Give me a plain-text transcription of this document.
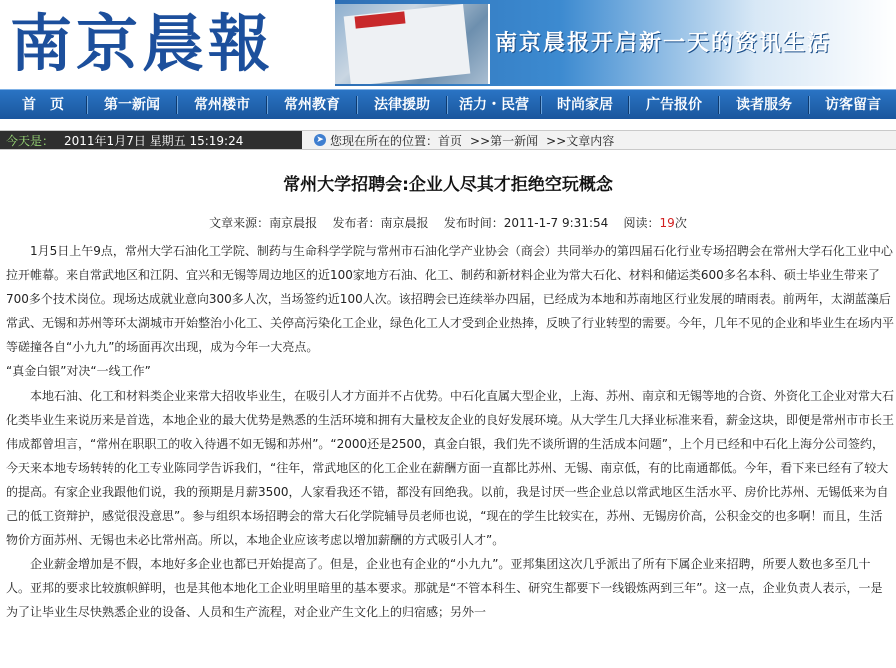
南京晨報	南京晨报开启新一天的资讯生活
首　页	第一新闻	常州楼市	常州教育	法律援助	活力・民营	时尚家居	广告报价	读者服务	访客留言
今天是： 2011年1月7日 星期五 15:19:24	➤ 您现在所在的位置： 首页 >>第一新闻 >>文章内容
常州大学招聘会:企业人尽其才拒绝空玩概念
文章来源：南京晨报 发布者：南京晨报 发布时间：2011-1-7 9:31:54 阅读：19次

1月5日上午9点，常州大学石油化工学院、制药与生命科学学院与常州市石油化学产业协会（商会）共同举办的第四届石化行业专场招聘会在常州大学石化工业中心拉开帷幕。来自常武地区和江阴、宜兴和无锡等周边地区的近100家地方石油、化工、制药和新材料企业为常大石化、材料和储运类600多名本科、硕士毕业生带来了700多个技术岗位。现场达成就业意向300多人次，当场签约近100人次。该招聘会已连续举办四届，已经成为本地和苏南地区行业发展的晴雨表。前两年，太湖蓝藻后常武、无锡和苏州等环太湖城市开始整治小化工、关停高污染化工企业，绿色化工人才受到企业热捧，反映了行业转型的需要。今年，几年不见的企业和毕业生在场内平等磋撞各自“小九九”的场面再次出现，成为今年一大亮点。

“真金白银”对决“一线工作”

本地石油、化工和材料类企业来常大招收毕业生，在吸引人才方面并不占优势。中石化直属大型企业，上海、苏州、南京和无锡等地的合资、外资化工企业对常大石化类毕业生来说历来是首选，本地企业的最大优势是熟悉的生活环境和拥有大量校友企业的良好发展环境。从大学生几大择业标准来看，薪金这块，即便是常州市市长王伟成都曾坦言，“常州在职职工的收入待遇不如无锡和苏州”。“2000还是2500，真金白银，我们先不谈所谓的生活成本问题”，上个月已经和中石化上海分公司签约，今天来本地专场转转的化工专业陈同学告诉我们，“往年，常武地区的化工企业在薪酬方面一直都比苏州、无锡、南京低，有的比南通都低。今年，看下来已经有了较大的提高。有家企业我跟他们说，我的预期是月薪3500，人家看我还不错，都没有回绝我。以前，我是讨厌一些企业总以常武地区生活水平、房价比苏州、无锡低来为自己的低工资辩护，感觉很没意思”。参与组织本场招聘会的常大石化学院辅导员老师也说，“现在的学生比较实在，苏州、无锡房价高，公积金交的也多啊！而且，生活物价方面苏州、无锡也未必比常州高。所以，本地企业应该考虑以增加薪酬的方式吸引人才”。

企业薪金增加是不假，本地好多企业也都已开始提高了。但是，企业也有企业的“小九九”。亚邦集团这次几乎派出了所有下属企业来招聘，所要人数也多至几十人。亚邦的要求比较旗帜鲜明，也是其他本地化工企业明里暗里的基本要求。那就是“不管本科生、研究生都要下一线锻炼两到三年”。这一点，企业负责人表示，一是为了让毕业生尽快熟悉企业的设备、人员和生产流程，对企业产生文化上的归宿感；另外一
